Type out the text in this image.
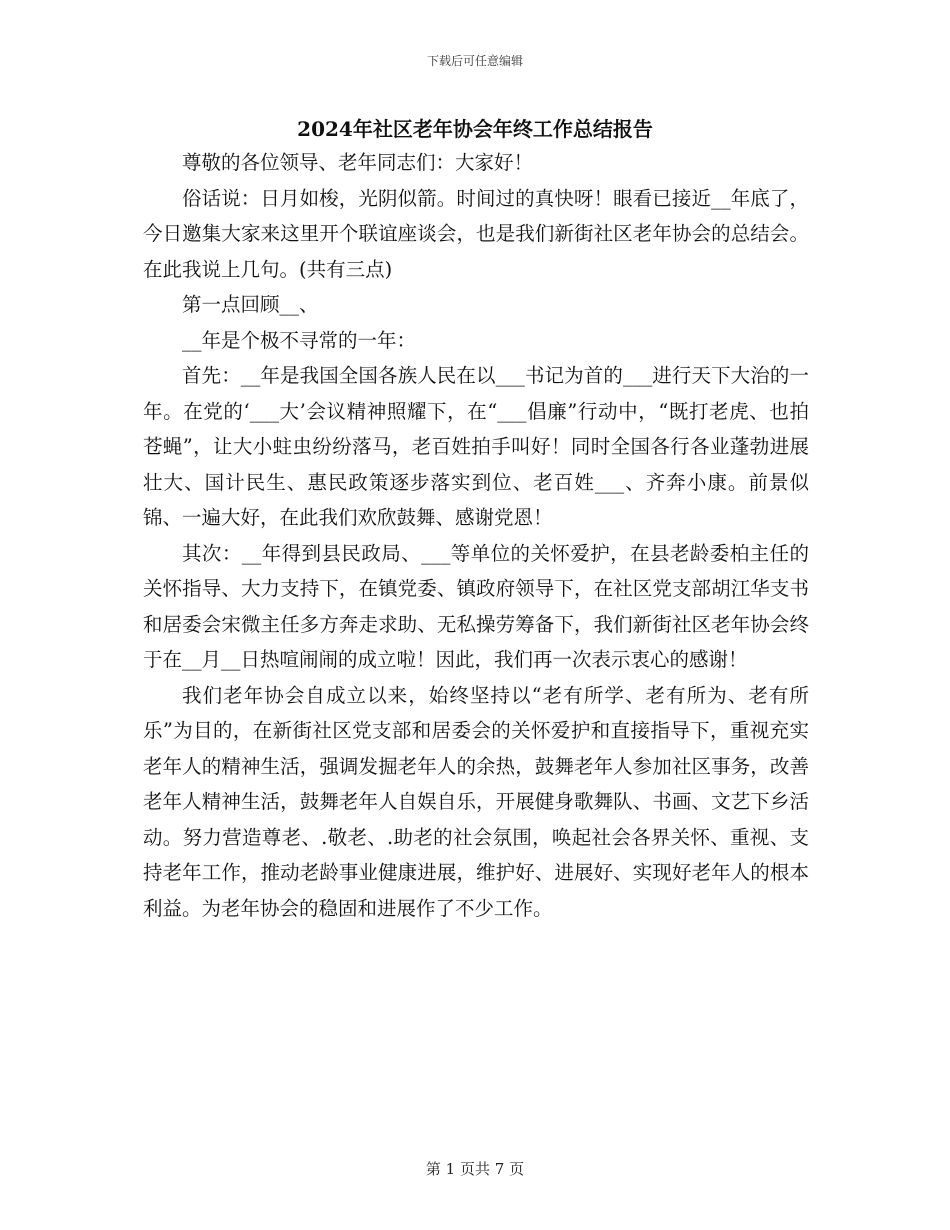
下载后可任意编辑
2024年社区老年协会年终工作总结报告

尊敬的各位领导、老年同志们：大家好！

俗话说：日月如梭，光阴似箭。时间过的真快呀！眼看已接近__年底了，今日邀集大家来这里开个联谊座谈会，也是我们新街社区老年协会的总结会。在此我说上几句。(共有三点)

第一点回顾__、

__年是个极不寻常的一年：

首先：__年是我国全国各族人民在以___书记为首的___进行天下大治的一年。在党的‘___大’会议精神照耀下，在“___倡廉”行动中，“既打老虎、也拍苍蝇”，让大小蛀虫纷纷落马，老百姓拍手叫好！同时全国各行各业蓬勃进展壮大、国计民生、惠民政策逐步落实到位、老百姓___、齐奔小康。前景似锦、一遍大好，在此我们欢欣鼓舞、感谢党恩！

其次：__年得到县民政局、___等单位的关怀爱护，在县老龄委柏主任的关怀指导、大力支持下，在镇党委、镇政府领导下，在社区党支部胡江华支书和居委会宋微主任多方奔走求助、无私操劳筹备下，我们新街社区老年协会终于在__月__日热喧闹闹的成立啦！因此，我们再一次表示衷心的感谢！

我们老年协会自成立以来，始终坚持以“老有所学、老有所为、老有所乐”为目的，在新街社区党支部和居委会的关怀爱护和直接指导下，重视充实老年人的精神生活，强调发掘老年人的余热，鼓舞老年人参加社区事务，改善老年人精神生活，鼓舞老年人自娱自乐，开展健身歌舞队、书画、文艺下乡活动。努力营造尊老、.敬老、.助老的社会氛围，唤起社会各界关怀、重视、支持老年工作，推动老龄事业健康进展，维护好、进展好、实现好老年人的根本利益。为老年协会的稳固和进展作了不少工作。

第 1 页共 7 页
